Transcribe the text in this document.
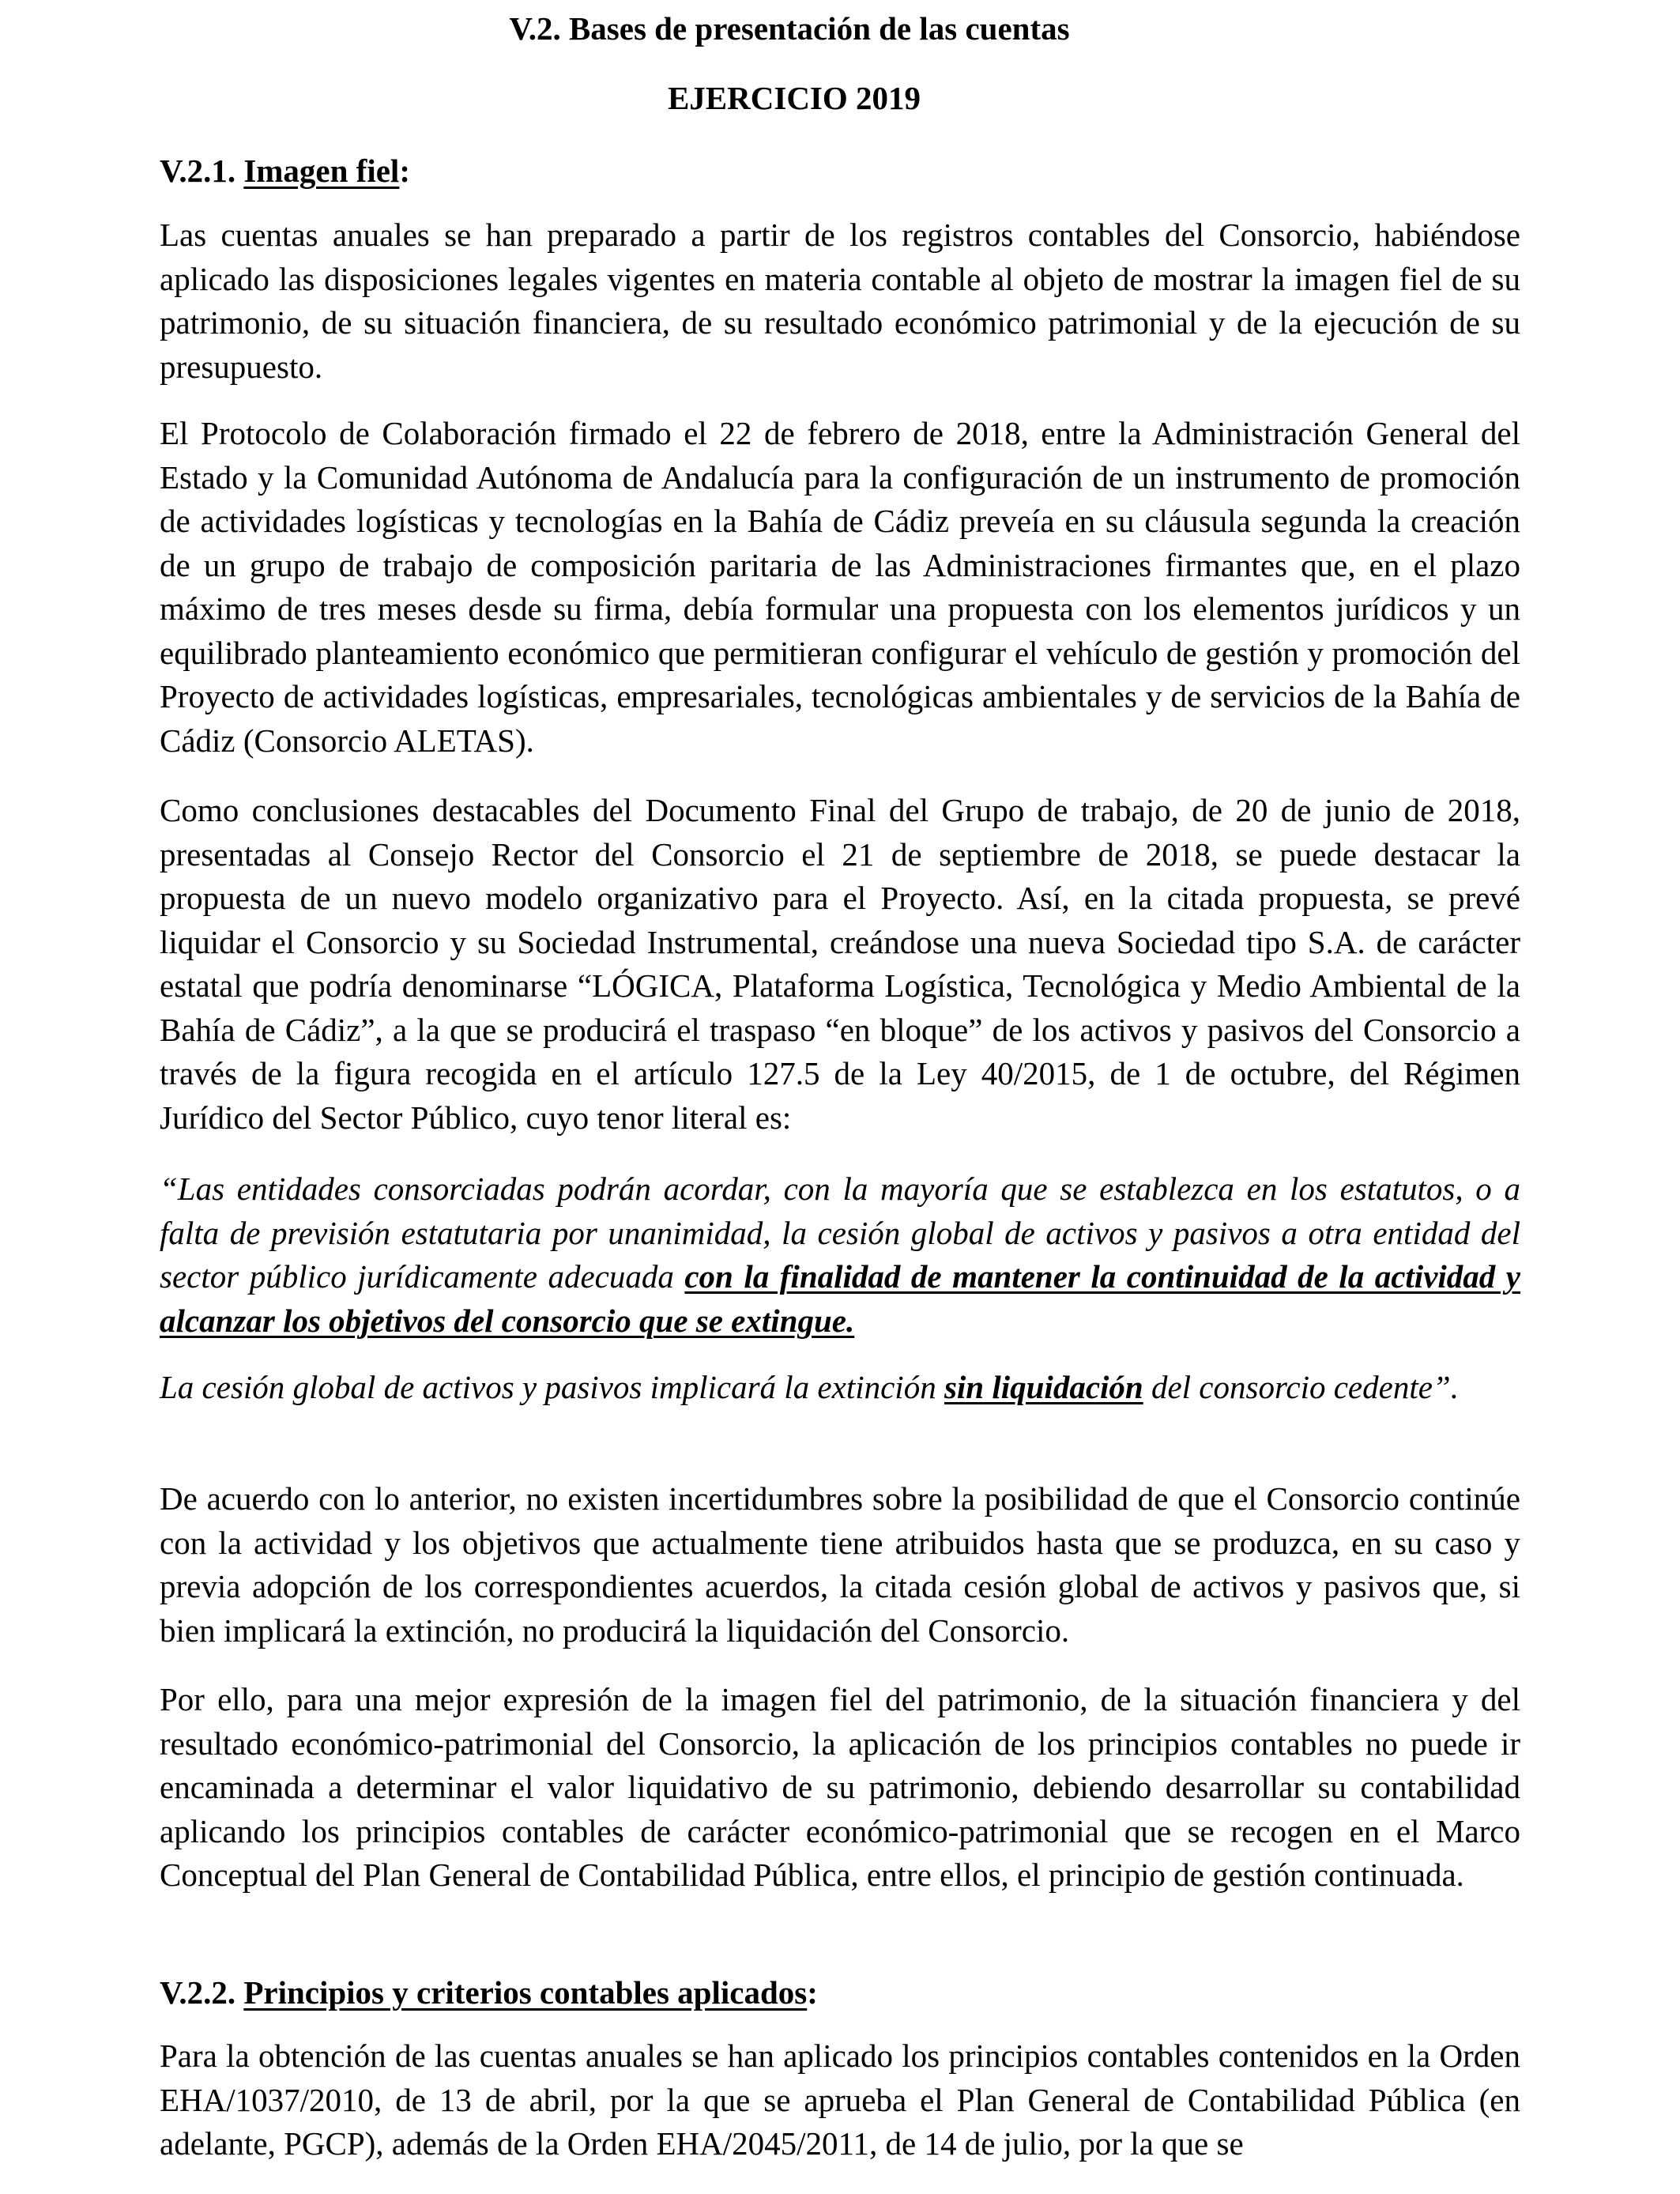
V.2. Bases de presentación de las cuentas
EJERCICIO 2019
V.2.1. Imagen fiel:

Las cuentas anuales se han preparado a partir de los registros contables del Consorcio, habiéndose aplicado las disposiciones legales vigentes en materia contable al objeto de mostrar la imagen fiel de su patrimonio, de su situación financiera, de su resultado económico patrimonial y de la ejecución de su presupuesto.

El Protocolo de Colaboración firmado el 22 de febrero de 2018, entre la Administración General del Estado y la Comunidad Autónoma de Andalucía para la configuración de un instrumento de promoción de actividades logísticas y tecnologías en la Bahía de Cádiz preveía en su cláusula segunda la creación de un grupo de trabajo de composición paritaria de las Administraciones firmantes que, en el plazo máximo de tres meses desde su firma, debía formular una propuesta con los elementos jurídicos y un equilibrado planteamiento económico que permitieran configurar el vehículo de gestión y promoción del Proyecto de actividades logísticas, empresariales, tecnológicas ambientales y de servicios de la Bahía de Cádiz (Consorcio ALETAS).

Como conclusiones destacables del Documento Final del Grupo de trabajo, de 20 de junio de 2018, presentadas al Consejo Rector del Consorcio el 21 de septiembre de 2018, se puede destacar la propuesta de un nuevo modelo organizativo para el Proyecto. Así, en la citada propuesta, se prevé liquidar el Consorcio y su Sociedad Instrumental, creándose una nueva Sociedad tipo S.A. de carácter estatal que podría denominarse “LÓGICA, Plataforma Logística, Tecnológica y Medio Ambiental de la Bahía de Cádiz”, a la que se producirá el traspaso “en bloque” de los activos y pasivos del Consorcio a través de la figura recogida en el artículo 127.5 de la Ley 40/2015, de 1 de octubre, del Régimen Jurídico del Sector Público, cuyo tenor literal es:

“Las entidades consorciadas podrán acordar, con la mayoría que se establezca en los estatutos, o a falta de previsión estatutaria por unanimidad, la cesión global de activos y pasivos a otra entidad del sector público jurídicamente adecuada con la finalidad de mantener la continuidad de la actividad y alcanzar los objetivos del consorcio que se extingue.

La cesión global de activos y pasivos implicará la extinción sin liquidación del consorcio cedente”.

De acuerdo con lo anterior, no existen incertidumbres sobre la posibilidad de que el Consorcio continúe con la actividad y los objetivos que actualmente tiene atribuidos hasta que se produzca, en su caso y previa adopción de los correspondientes acuerdos, la citada cesión global de activos y pasivos que, si bien implicará la extinción, no producirá la liquidación del Consorcio.

Por ello, para una mejor expresión de la imagen fiel del patrimonio, de la situación financiera y del resultado económico-patrimonial del Consorcio, la aplicación de los principios contables no puede ir encaminada a determinar el valor liquidativo de su patrimonio, debiendo desarrollar su contabilidad aplicando los principios contables de carácter económico-patrimonial que se recogen en el Marco Conceptual del Plan General de Contabilidad Pública, entre ellos, el principio de gestión continuada.

V.2.2. Principios y criterios contables aplicados:

Para la obtención de las cuentas anuales se han aplicado los principios contables contenidos en la Orden EHA/1037/2010, de 13 de abril, por la que se aprueba el Plan General de Contabilidad Pública (en adelante, PGCP), además de la Orden EHA/2045/2011, de 14 de julio, por la que se
